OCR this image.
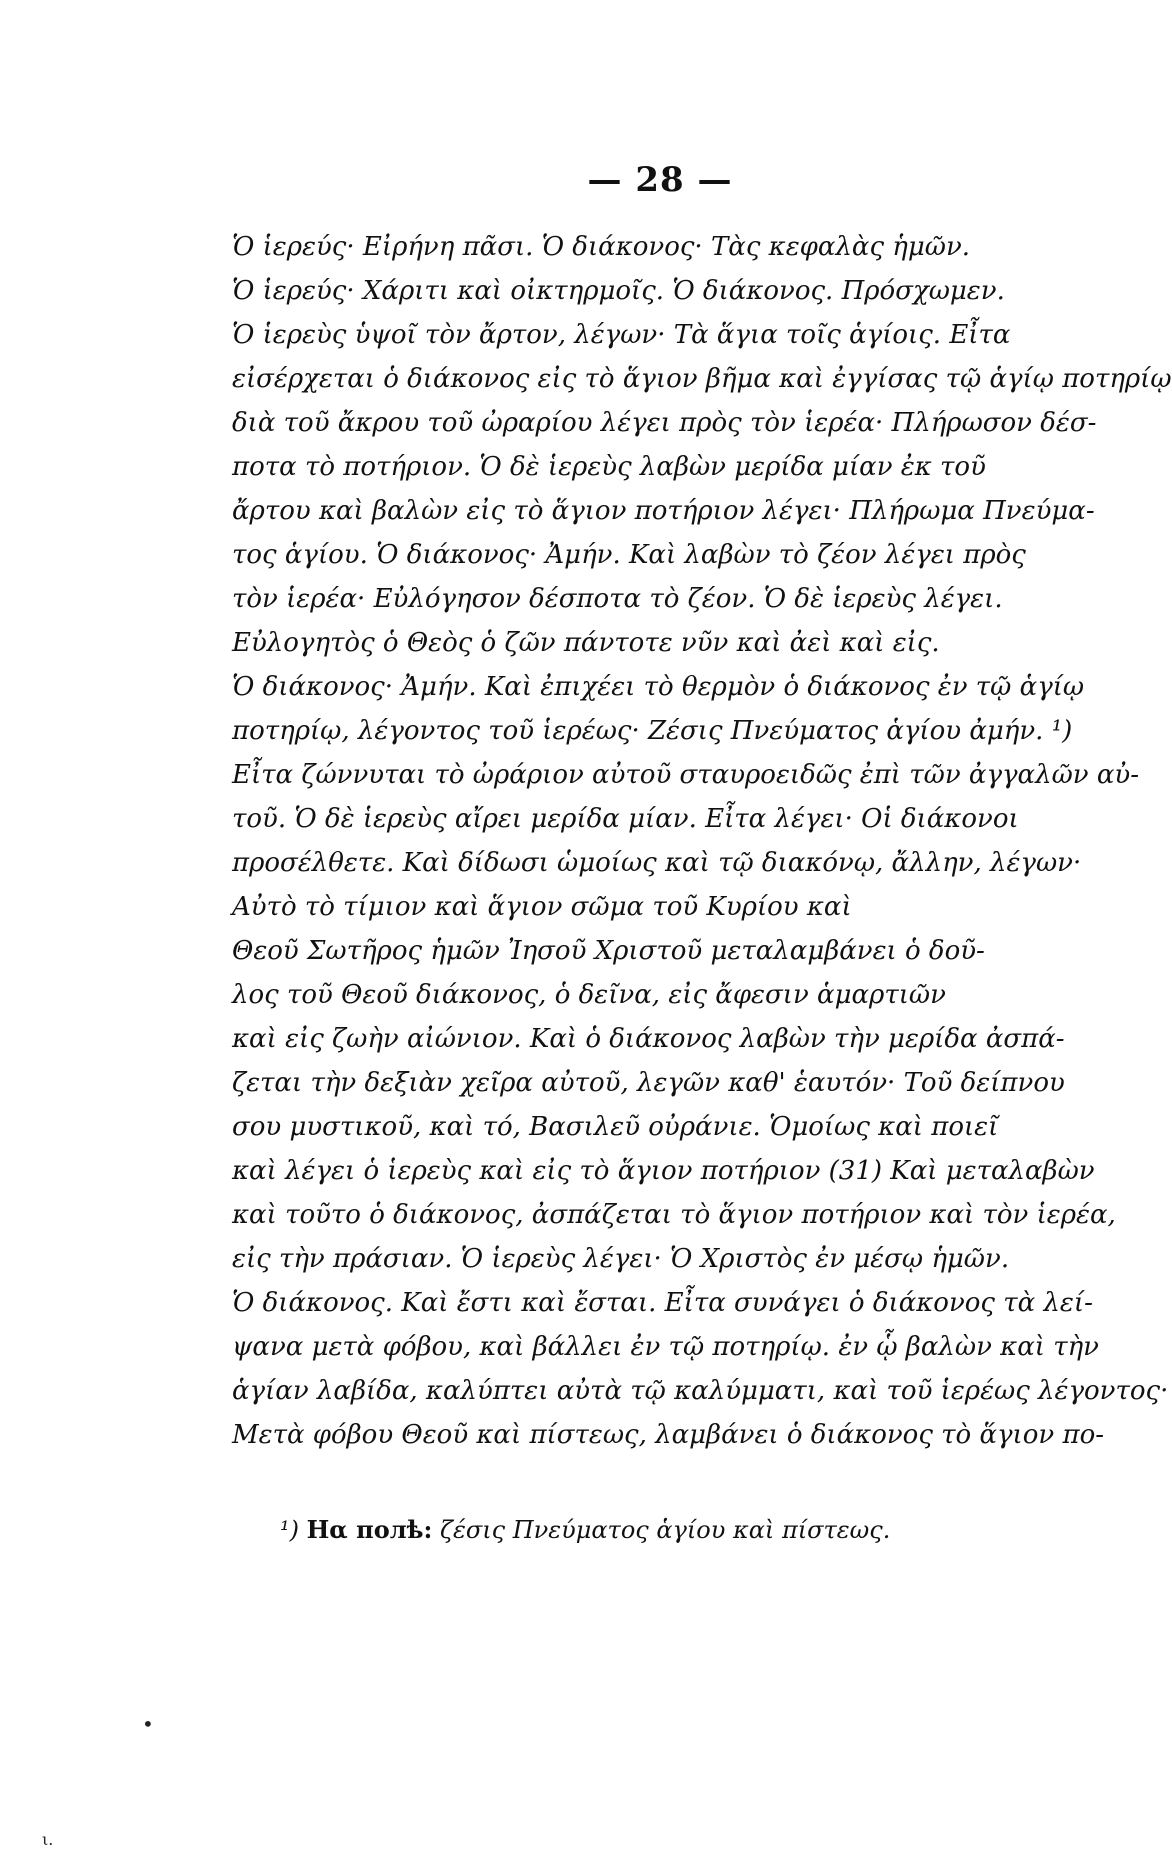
— 28 —
Ὁ ἱερεύς· Εἰρήνη πᾶσι. Ὁ διάκονος· Τὰς κεφαλὰς ἡμῶν.
Ὁ ἱερεύς· Χάριτι καὶ οἰκτηρμοῖς. Ὁ διάκονος. Πρόσχωμεν.
Ὁ ἱερεὺς ὑψοῖ τὸν ἄρτον, λέγων· Τὰ ἅγια τοῖς ἁγίοις. Εἶτα
εἰσέρχεται ὁ διάκονος εἰς τὸ ἅγιον βῆμα καὶ ἐγγίσας τῷ ἁγίῳ ποτηρίῳ
διὰ τοῦ ἄκρου τοῦ ὠραρίου λέγει πρὸς τὸν ἱερέα· Πλήρωσον δέσ-
ποτα τὸ ποτήριον. Ὁ δὲ ἱερεὺς λαβὼν μερίδα μίαν ἐκ τοῦ
ἄρτου καὶ βαλὼν εἰς τὸ ἅγιον ποτήριον λέγει· Πλήρωμα Πνεύμα-
τος ἁγίου. Ὁ διάκονος· Ἀμήν. Καὶ λαβὼν τὸ ζέον λέγει πρὸς
τὸν ἱερέα· Εὐλόγησον δέσποτα τὸ ζέον. Ὁ δὲ ἱερεὺς λέγει.
Εὐλογητὸς ὁ Θεὸς ὁ ζῶν πάντοτε νῦν καὶ ἀεὶ καὶ εἰς.
Ὁ διάκονος· Ἀμήν. Καὶ ἐπιχέει τὸ θερμὸν ὁ διάκονος ἐν τῷ ἁγίῳ
ποτηρίῳ, λέγοντος τοῦ ἱερέως· Ζέσις Πνεύματος ἁγίου ἀμήν. ¹)
Εἶτα ζώννυται τὸ ὠράριον αὐτοῦ σταυροειδῶς ἐπὶ τῶν ἀγγαλῶν αὐ-
τοῦ. Ὁ δὲ ἱερεὺς αἴρει μερίδα μίαν. Εἶτα λέγει· Οἱ διάκονοι
προσέλθετε. Καὶ δίδωσι ὡμοίως καὶ τῷ διακόνῳ, ἄλλην, λέγων·
Αὐτὸ τὸ τίμιον καὶ ἅγιον σῶμα τοῦ Κυρίου καὶ
Θεοῦ Σωτῆρος ἡμῶν Ἰησοῦ Χριστοῦ μεταλαμβάνει ὁ δοῦ-
λος τοῦ Θεοῦ διάκονος, ὁ δεῖνα, εἰς ἄφεσιν ἁμαρτιῶν
καὶ εἰς ζωὴν αἰώνιον. Καὶ ὁ διάκονος λαβὼν τὴν μερίδα ἀσπά-
ζεται τὴν δεξιὰν χεῖρα αὐτοῦ, λεγῶν καθ' ἑαυτόν· Τοῦ δείπνου
σου μυστικοῦ, καὶ τό, Βασιλεῦ οὐράνιε. Ὁμοίως καὶ ποιεῖ
καὶ λέγει ὁ ἱερεὺς καὶ εἰς τὸ ἅγιον ποτήριον (31) Καὶ μεταλαβὼν
καὶ τοῦτο ὁ διάκονος, ἀσπάζεται τὸ ἅγιον ποτήριον καὶ τὸν ἱερέα,
εἰς τὴν πράσιαν. Ὁ ἱερεὺς λέγει· Ὁ Χριστὸς ἐν μέσῳ ἡμῶν.
Ὁ διάκονος. Καὶ ἔστι καὶ ἔσται. Εἶτα συνάγει ὁ διάκονος τὰ λεί-
ψανα μετὰ φόβου, καὶ βάλλει ἐν τῷ ποτηρίῳ. ἐν ᾧ βαλὼν καὶ τὴν
ἁγίαν λαβίδα, καλύπτει αὐτὰ τῷ καλύμματι, καὶ τοῦ ἱερέως λέγοντος·
Μετὰ φόβου Θεοῦ καὶ πίστεως, λαμβάνει ὁ διάκονος τὸ ἅγιον πο-
¹) Ηα полѣ: ζέσις Πνεύματος ἁγίου καὶ πίστεως.
•
ι.
